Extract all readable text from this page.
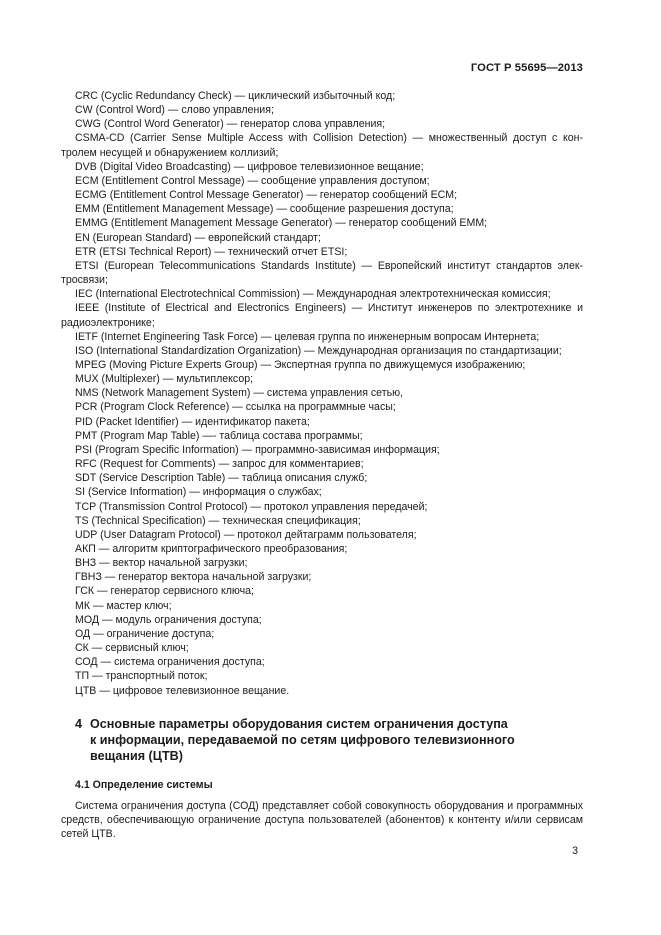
ГОСТ Р 55695—2013
CRC (Cyclic Redundancy Check) — циклический избыточный код;
CW (Control Word) — слово управления;
CWG (Control Word Generator) — генератор слова управления;
CSMA-CD (Carrier Sense Multiple Access with Collision Detection) — множественный доступ с контролем несущей и обнаружением коллизий;
DVB (Digital Video Broadcasting) — цифровое телевизионное вещание;
ECM (Entitlement Control Message) — сообщение управления доступом;
ECMG (Entitlement Control Message Generator) — генератор сообщений ECM;
EMM (Entitlement Management Message) — сообщение разрешения доступа;
EMMG (Entitlement Management Message Generator) — генератор сообщений EMM;
EN (European Standard) — европейский стандарт;
ETR (ETSI Technical Report) — технический отчет ETSI;
ETSI (European Telecommunications Standards Institute) — Европейский институт стандартов электросвязи;
IEC (International Electrotechnical Commission) — Международная электротехническая комиссия;
IEEE (Institute of Electrical and Electronics Engineers) — Институт инженеров по электротехнике и радиоэлектронике;
IETF (Internet Engineering Task Force) — целевая группа по инженерным вопросам Интернета;
ISO (International Standardization Organization) — Международная организация по стандартизации;
MPEG (Moving Picture Experts Group) — Экспертная группа по движущемуся изображению;
MUX (Multiplexer) — мультиплексор;
NMS (Network Management System) — система управления сетью,
PCR (Program Clock Reference) — ссылка на программные часы;
PID (Packet Identifier) — идентификатор пакета;
PMT (Program Map Table) —- таблица состава программы;
PSI (Program Specific Information) — программно-зависимая информация;
RFC (Request for Comments) — запрос для комментариев;
SDT (Service Description Table) — таблица описания служб;
SI (Service Information) — информация о службах;
TCP (Transmission Control Protocol) — протокол управления передачей;
TS (Technical Specification) — техническая спецификация;
UDP (User Datagram Protocol) — протокол дейтаграмм пользователя;
АКП — алгоритм криптографического преобразования;
ВНЗ — вектор начальной загрузки;
ГВНЗ — генератор вектора начальной загрузки;
ГСК — генератор сервисного ключа;
МК — мастер ключ;
МОД — модуль ограничения доступа;
ОД — ограничение доступа;
СК — сервисный ключ;
СОД — система ограничения доступа;
ТП — транспортный поток;
ЦТВ — цифровое телевизионное вещание.
4 Основные параметры оборудования систем ограничения доступа
к информации, передаваемой по сетям цифрового телевизионного
вещания (ЦТВ)
4.1 Определение системы
Система ограничения доступа (СОД) представляет собой совокупность оборудования и программных средств, обеспечивающую ограничение доступа пользователей (абонентов) к контенту и/или сервисам сетей ЦТВ.
3
